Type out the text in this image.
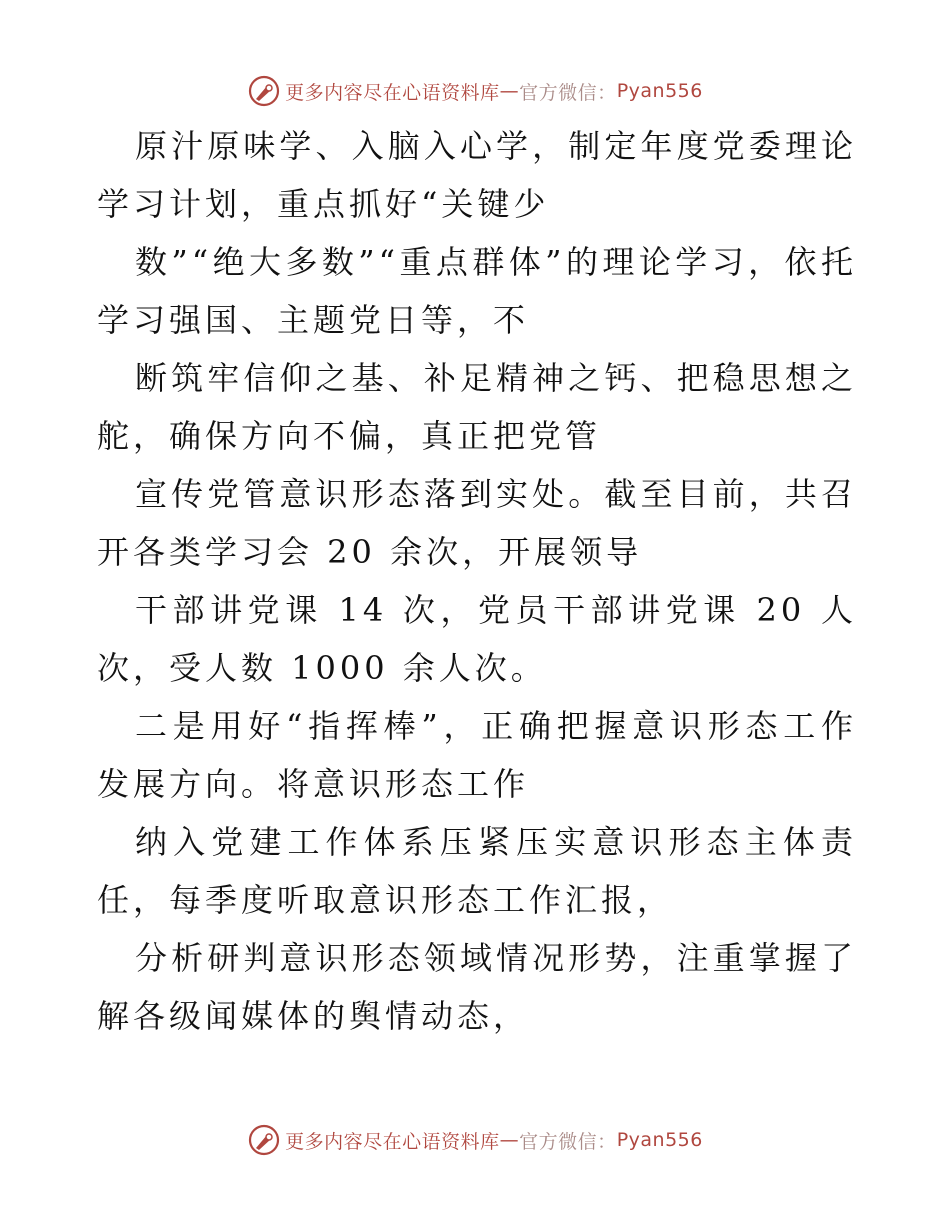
更多内容尽在心语资料库 — 官方微信： Pyan556

原汁原味学、入脑入心学，制定年度党委理论学习计划，重点抓好“关键少

数”“绝大多数”“重点群体”的理论学习，依托学习强国、主题党日等，不

断筑牢信仰之基、补足精神之钙、把稳思想之舵，确保方向不偏，真正把党管

宣传党管意识形态落到实处。截至目前，共召开各类学习会 20 余次，开展领导

干部讲党课 14 次，党员干部讲党课 20 人次，受人数 1000 余人次。

二是用好“指挥棒”，正确把握意识形态工作发展方向。将意识形态工作

纳入党建工作体系压紧压实意识形态主体责任，每季度听取意识形态工作汇报，

分析研判意识形态领域情况形势，注重掌握了解各级闻媒体的舆情动态，

更多内容尽在心语资料库 — 官方微信： Pyan556
